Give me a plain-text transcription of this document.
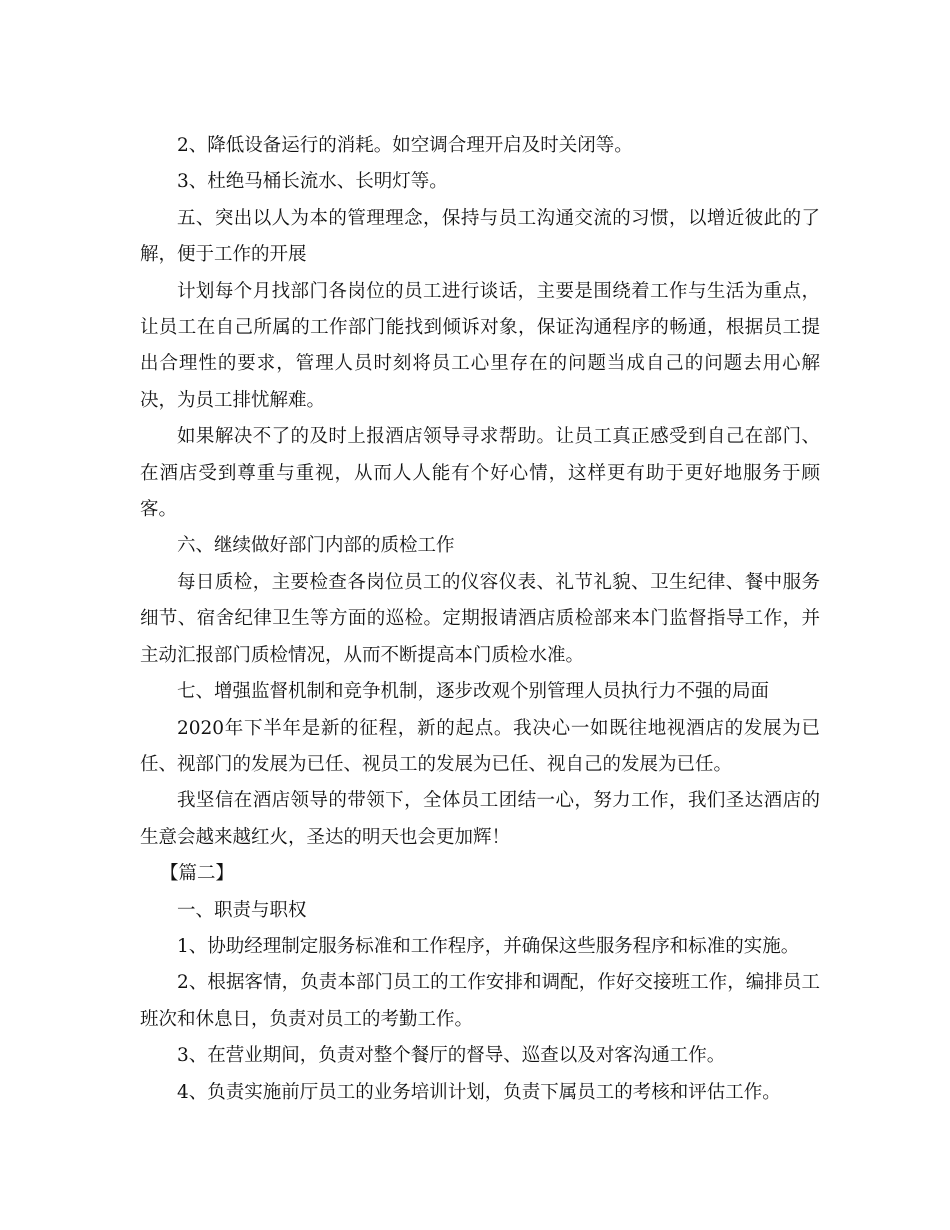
2、降低设备运行的消耗。如空调合理开启及时关闭等。

3、杜绝马桶长流水、长明灯等。

五、突出以人为本的管理理念，保持与员工沟通交流的习惯，以增近彼此的了解，便于工作的开展

计划每个月找部门各岗位的员工进行谈话，主要是围绕着工作与生活为重点，让员工在自己所属的工作部门能找到倾诉对象，保证沟通程序的畅通，根据员工提出合理性的要求，管理人员时刻将员工心里存在的问题当成自己的问题去用心解决，为员工排忧解难。

如果解决不了的及时上报酒店领导寻求帮助。让员工真正感受到自己在部门、在酒店受到尊重与重视，从而人人能有个好心情，这样更有助于更好地服务于顾客。

六、继续做好部门内部的质检工作

每日质检，主要检查各岗位员工的仪容仪表、礼节礼貌、卫生纪律、餐中服务细节、宿舍纪律卫生等方面的巡检。定期报请酒店质检部来本门监督指导工作，并主动汇报部门质检情况，从而不断提高本门质检水准。

七、增强监督机制和竞争机制，逐步改观个别管理人员执行力不强的局面

2020年下半年是新的征程，新的起点。我决心一如既往地视酒店的发展为已任、视部门的发展为已任、视员工的发展为已任、视自己的发展为已任。

我坚信在酒店领导的带领下，全体员工团结一心，努力工作，我们圣达酒店的生意会越来越红火，圣达的明天也会更加辉！

【篇二】

一、职责与职权

1、协助经理制定服务标准和工作程序，并确保这些服务程序和标准的实施。

2、根据客情，负责本部门员工的工作安排和调配，作好交接班工作，编排员工班次和休息日，负责对员工的考勤工作。

3、在营业期间，负责对整个餐厅的督导、巡查以及对客沟通工作。

4、负责实施前厅员工的业务培训计划，负责下属员工的考核和评估工作。
